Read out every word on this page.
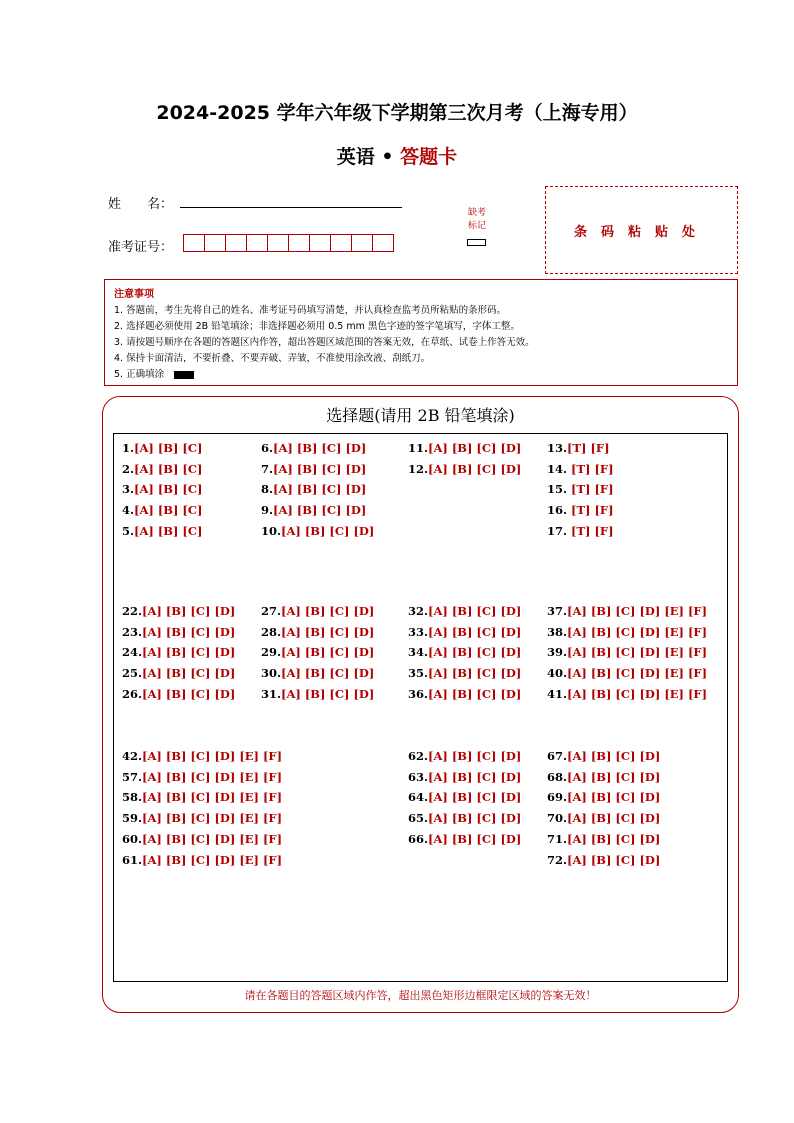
2024-2025 学年六年级下学期第三次月考（上海专用）
英语 • 答题卡
姓　　名：
准考证号：
缺考
标记	条码粘贴处
注意事项
1. 答题前，考生先将自己的姓名、准考证号码填写清楚，并认真检查监考员所粘贴的条形码。
2. 选择题必须使用 2B 铅笔填涂；非选择题必须用 0.5 mm 黑色字迹的签字笔填写，字体工整。
3. 请按题号顺序在各题的答题区内作答，超出答题区域范围的答案无效，在草纸、试卷上作答无效。
4. 保持卡面清洁，不要折叠、不要弄破、弄皱，不准使用涂改液、刮纸刀。
5. 正确填涂
选择题(请用 2B 铅笔填涂)
1.[A] [B] [C]
2.[A] [B] [C]
3.[A] [B] [C]
4.[A] [B] [C]
5.[A] [B] [C]
6.[A] [B] [C] [D]
7.[A] [B] [C] [D]
8.[A] [B] [C] [D]
9.[A] [B] [C] [D]
10.[A] [B] [C] [D]
11.[A] [B] [C] [D]
12.[A] [B] [C] [D]
13.[T] [F]
14. [T] [F]
15. [T] [F]
16. [T] [F]
17. [T] [F]
22.[A] [B] [C] [D]
23.[A] [B] [C] [D]
24.[A] [B] [C] [D]
25.[A] [B] [C] [D]
26.[A] [B] [C] [D]
27.[A] [B] [C] [D]
28.[A] [B] [C] [D]
29.[A] [B] [C] [D]
30.[A] [B] [C] [D]
31.[A] [B] [C] [D]
32.[A] [B] [C] [D]
33.[A] [B] [C] [D]
34.[A] [B] [C] [D]
35.[A] [B] [C] [D]
36.[A] [B] [C] [D]
37.[A] [B] [C] [D] [E] [F]
38.[A] [B] [C] [D] [E] [F]
39.[A] [B] [C] [D] [E] [F]
40.[A] [B] [C] [D] [E] [F]
41.[A] [B] [C] [D] [E] [F]
42.[A] [B] [C] [D] [E] [F]
57.[A] [B] [C] [D] [E] [F]
58.[A] [B] [C] [D] [E] [F]
59.[A] [B] [C] [D] [E] [F]
60.[A] [B] [C] [D] [E] [F]
61.[A] [B] [C] [D] [E] [F]
62.[A] [B] [C] [D]
63.[A] [B] [C] [D]
64.[A] [B] [C] [D]
65.[A] [B] [C] [D]
66.[A] [B] [C] [D]
67.[A] [B] [C] [D]
68.[A] [B] [C] [D]
69.[A] [B] [C] [D]
70.[A] [B] [C] [D]
71.[A] [B] [C] [D]
72.[A] [B] [C] [D]
请在各题目的答题区域内作答，超出黑色矩形边框限定区域的答案无效！
